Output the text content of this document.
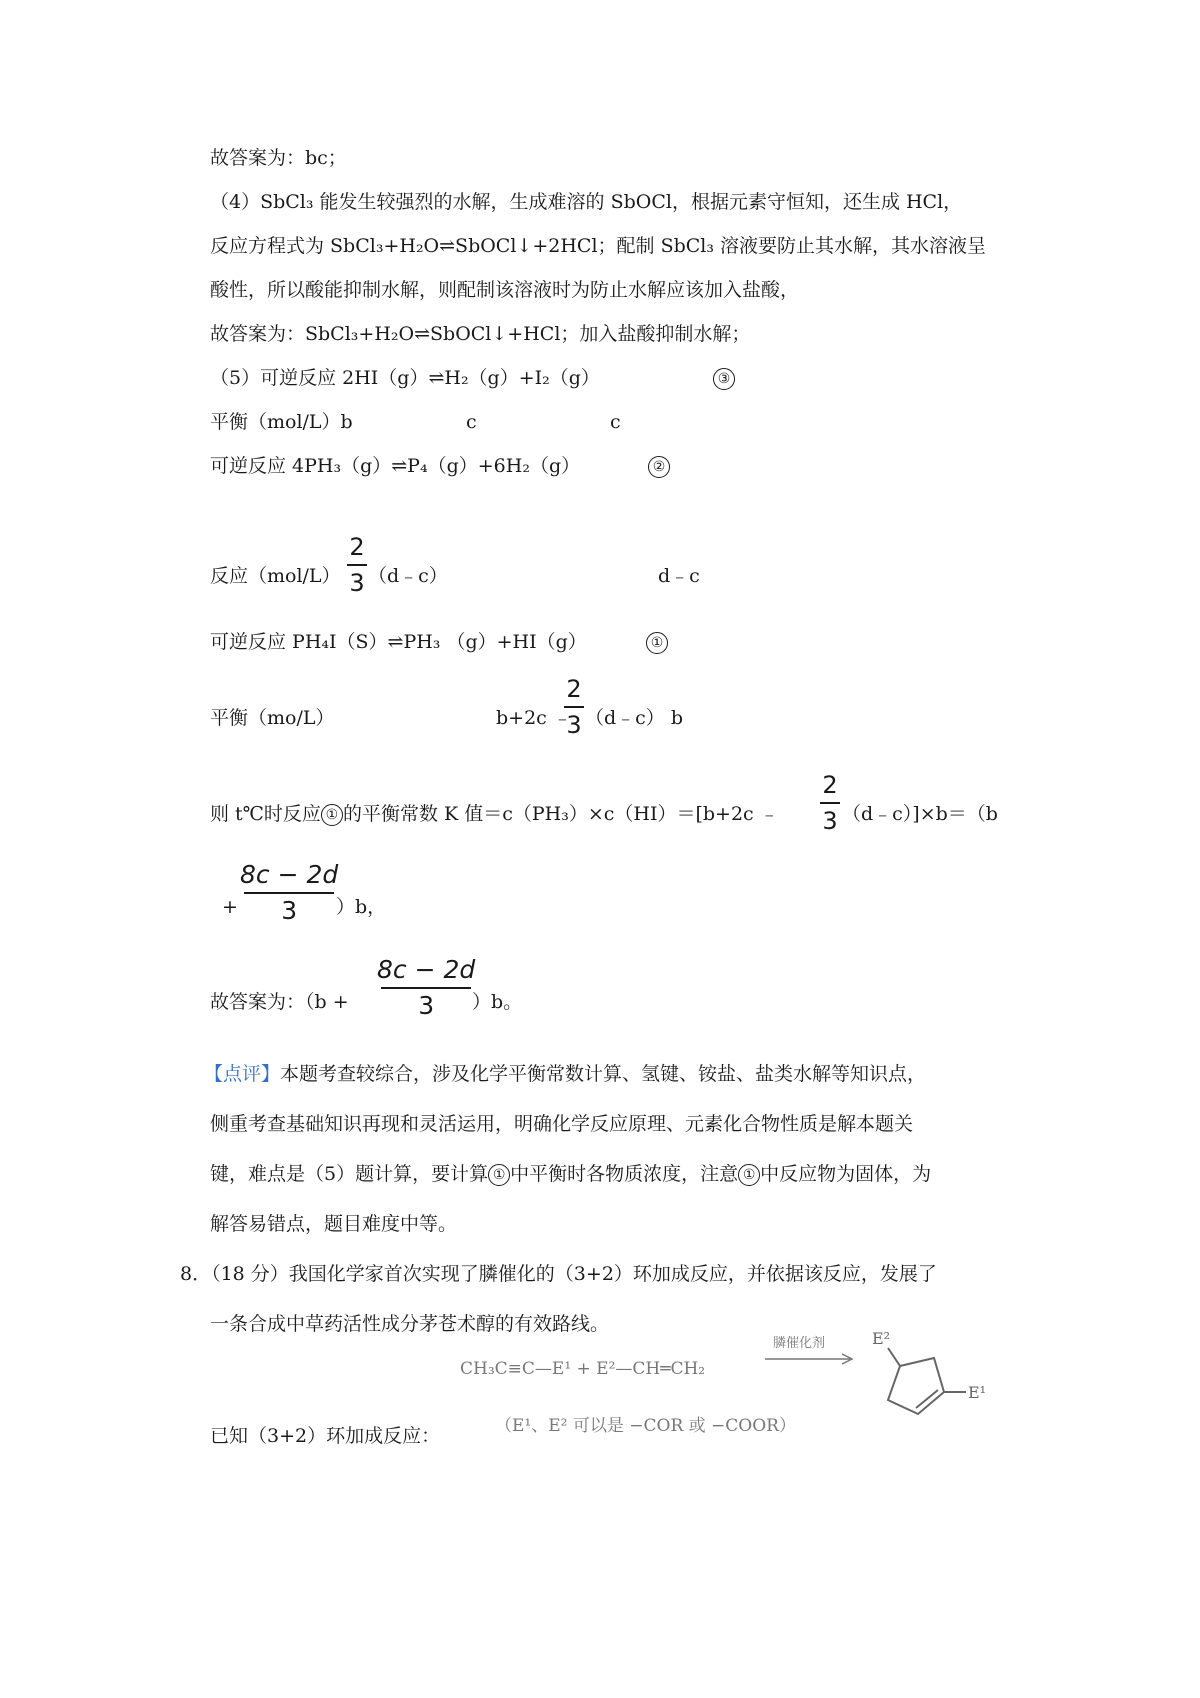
故答案为：bc；
（4）SbCl₃ 能发生较强烈的水解，生成难溶的 SbOCl，根据元素守恒知，还生成 HCl，
反应方程式为 SbCl₃+H₂O⇌SbOCl↓+2HCl；配制 SbCl₃ 溶液要防止其水解，其水溶液呈
酸性，所以酸能抑制水解，则配制该溶液时为防止水解应该加入盐酸，
故答案为：SbCl₃+H₂O⇌SbOCl↓+HCl；加入盐酸抑制水解；
（5）可逆反应 2HI（g）⇌H₂（g）+I₂（g）	③
平衡（mol/L）b	c	c
可逆反应 4PH₃（g）⇌P₄（g）+6H₂（g）	②
反应（mol/L）
2
3 （d﹣c）	d﹣c
可逆反应 PH₄I（S）⇌PH₃ （g）+HI（g）	①
平衡（mo/L）	b+2c ﹣
2
3 （d﹣c） b
则 t℃时反应 ① 的平衡常数 K 值＝c（PH₃）×c（HI）＝[b+2c ﹣
2
3 （d﹣c）]×b＝（b
+
8c − 2d
3 ）b，
故答案为：（b +
8c − 2d
3 ）b。
【点评】本题考查较综合，涉及化学平衡常数计算、氢键、铵盐、盐类水解等知识点，
侧重考查基础知识再现和灵活运用，明确化学反应原理、元素化合物性质是解本题关
键，难点是（5）题计算，要计算 ① 中平衡时各物质浓度，注意 ① 中反应物为固体，为
解答易错点，题目难度中等。
8．（18 分）我国化学家首次实现了膦催化的（3+2）环加成反应，并依据该反应，发展了
一条合成中草药活性成分茅苍术醇的有效路线。
已知（3+2）环加成反应：
CH₃C≡C—E¹ + E²—CH═CH₂
膦催化剂
（E¹、E² 可以是 −COR 或 −COOR）
E²
E¹
